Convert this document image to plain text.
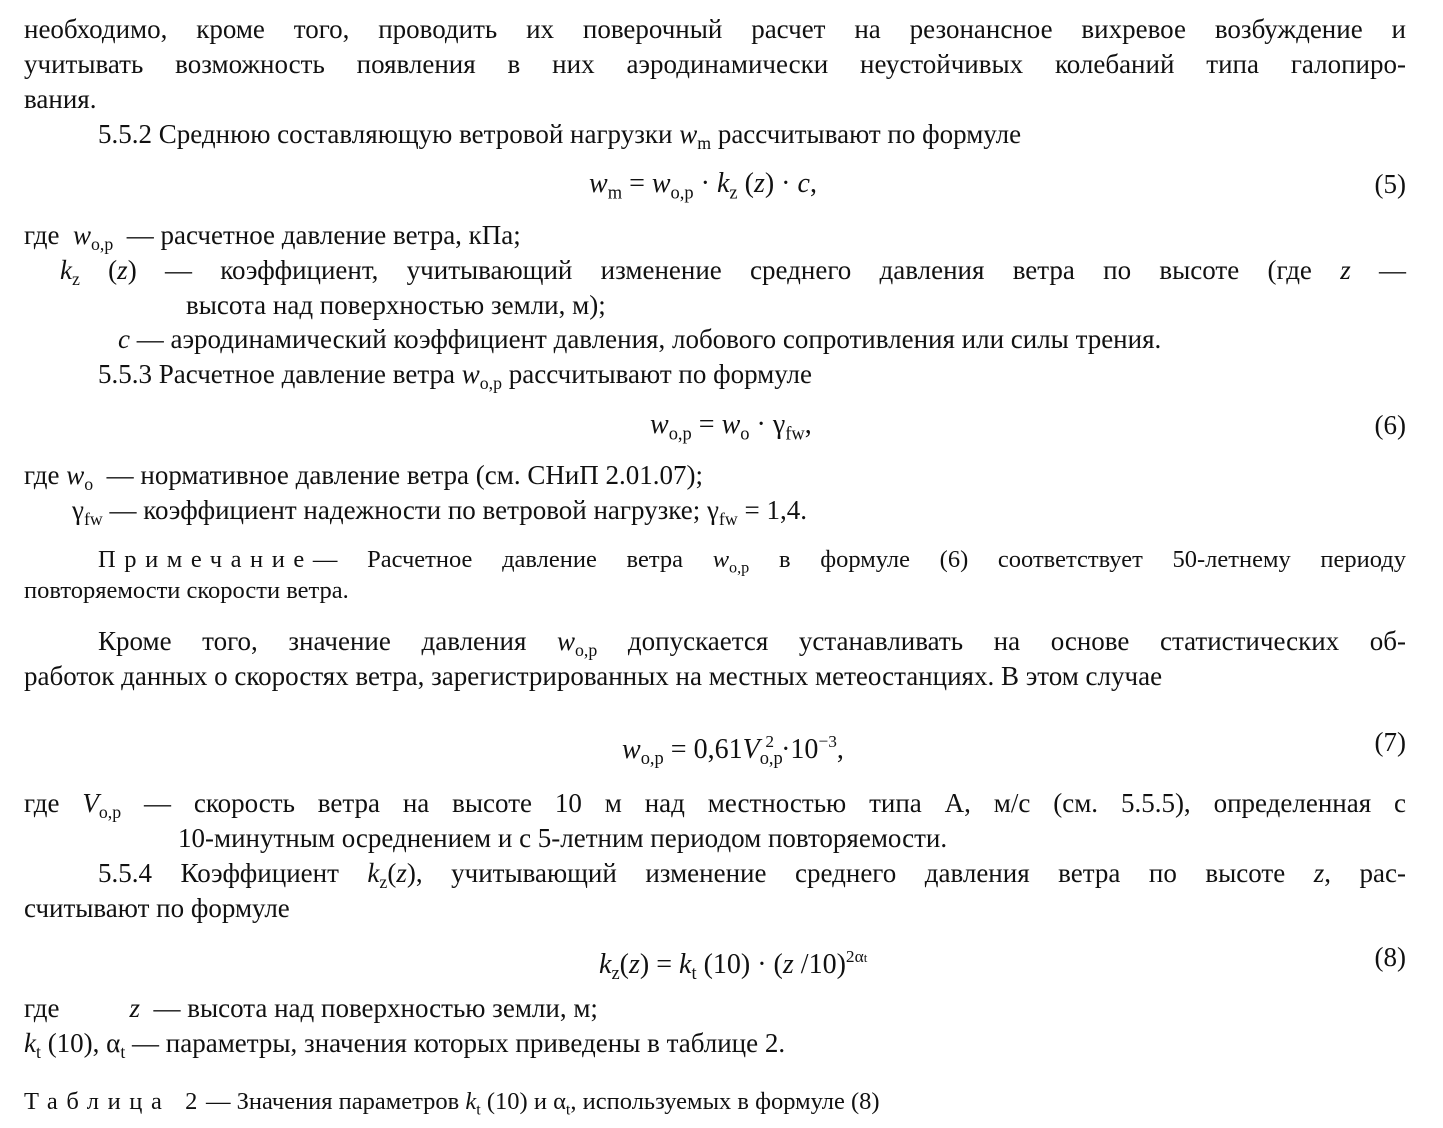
необходимо, кроме того, проводить их поверочный расчет на резонансное вихревое возбуждение и
учитывать возможность появления в них аэродинамически неустойчивых колебаний типа галопиро-
вания.
5.5.2 Среднюю составляющую ветровой нагрузки $w_m$ рассчитывают по формуле
$w_m = w_{o,p} \cdot k_z$ (z) · c,	(5)
где $w_{o,p}$ — расчетное давление ветра, кПа;
$k_z$ (z) — коэффициент, учитывающий изменение среднего давления ветра по высоте (где z —
высота над поверхностью земли, м);
c — аэродинамический коэффициент давления, лобового сопротивления или силы трения.
5.5.3 Расчетное давление ветра $w_{o,p}$ рассчитывают по формуле
$w_{o,p} = w_o \cdot \gamma_{fw}$,	(6)
где $w_o$ — нормативное давление ветра (см. СНиП 2.01.07);
$\gamma_{fw}$ — коэффициент надежности по ветровой нагрузке; $\gamma_{fw} = 1,4$.
Примечание— Расчетное давление ветра $w_{o,p}$ в формуле (6) соответствует 50-летнему периоду
повторяемости скорости ветра.
Кроме того, значение давления $w_{o,p}$ допускается устанавливать на основе статистических об-
работок данных о скоростях ветра, зарегистрированных на местных метеостанциях. В этом случае
$w_{o,p} = 0,61V_{o,p}^2 \cdot 10^{-3}$,	(7)
где $V_{o,p}$ — скорость ветра на высоте 10 м над местностью типа А, м/с (см. 5.5.5), определенная с
10-минутным осреднением и с 5-летним периодом повторяемости.
5.5.4 Коэффициент $k_z(z)$, учитывающий изменение среднего давления ветра по высоте z, рас-
считывают по формуле
$k_z(z) = k_t$ (10) · (z /10)$^{2\alpha t}$	(8)
где	z — высота над поверхностью земли, м;
$k_t$ (10), $\alpha_t$ — параметры, значения которых приведены в таблице 2.
Таблица 2— Значения параметров $k_t$ (10) и $\alpha_t$, используемых в формуле (8)
